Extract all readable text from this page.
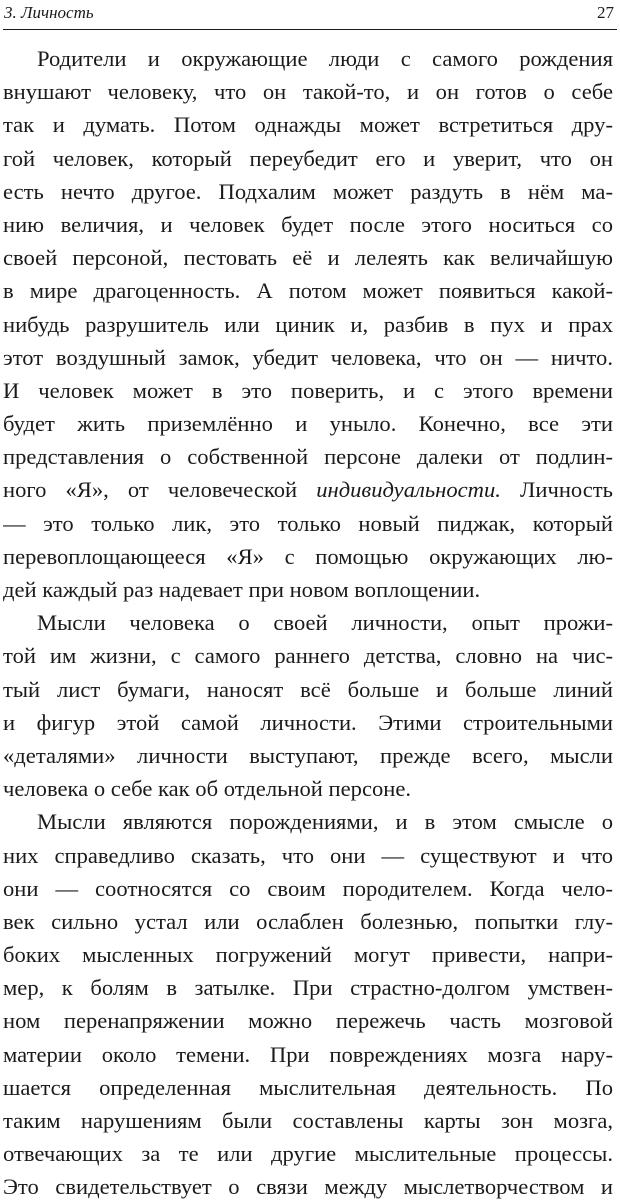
3. Личность	27
Родители и окружающие люди с самого рождения
внушают человеку, что он такой-то, и он готов о себе
так и думать. Потом однажды может встретиться дру-
гой человек, который переубедит его и уверит, что он
есть нечто другое. Подхалим может раздуть в нём ма-
нию величия, и человек будет после этого носиться со
своей персоной, пестовать её и лелеять как величайшую
в мире драгоценность. А потом может появиться какой-
нибудь разрушитель или циник и, разбив в пух и прах
этот воздушный замок, убедит человека, что он — ничто.
И человек может в это поверить, и с этого времени
будет жить приземлённо и уныло. Конечно, все эти
представления о собственной персоне далеки от подлин-
ного «Я», от человеческой индивидуальности. Личность
— это только лик, это только новый пиджак, который
перевоплощающееся «Я» с помощью окружающих лю-
дей каждый раз надевает при новом воплощении.
Мысли человека о своей личности, опыт прожи-
той им жизни, с самого раннего детства, словно на чис-
тый лист бумаги, наносят всё больше и больше линий
и фигур этой самой личности. Этими строительными
«деталями» личности выступают, прежде всего, мысли
человека о себе как об отдельной персоне.
Мысли являются порождениями, и в этом смысле о
них справедливо сказать, что они — существуют и что
они — соотносятся со своим породителем. Когда чело-
век сильно устал или ослаблен болезнью, попытки глу-
боких мысленных погружений могут привести, напри-
мер, к болям в затылке. При страстно-долгом умствен-
ном перенапряжении можно пережечь часть мозговой
материи около темени. При повреждениях мозга нару-
шается определенная мыслительная деятельность. По
таким нарушениям были составлены карты зон мозга,
отвечающих за те или другие мыслительные процессы.
Это свидетельствует о связи между мыслетворчеством и
